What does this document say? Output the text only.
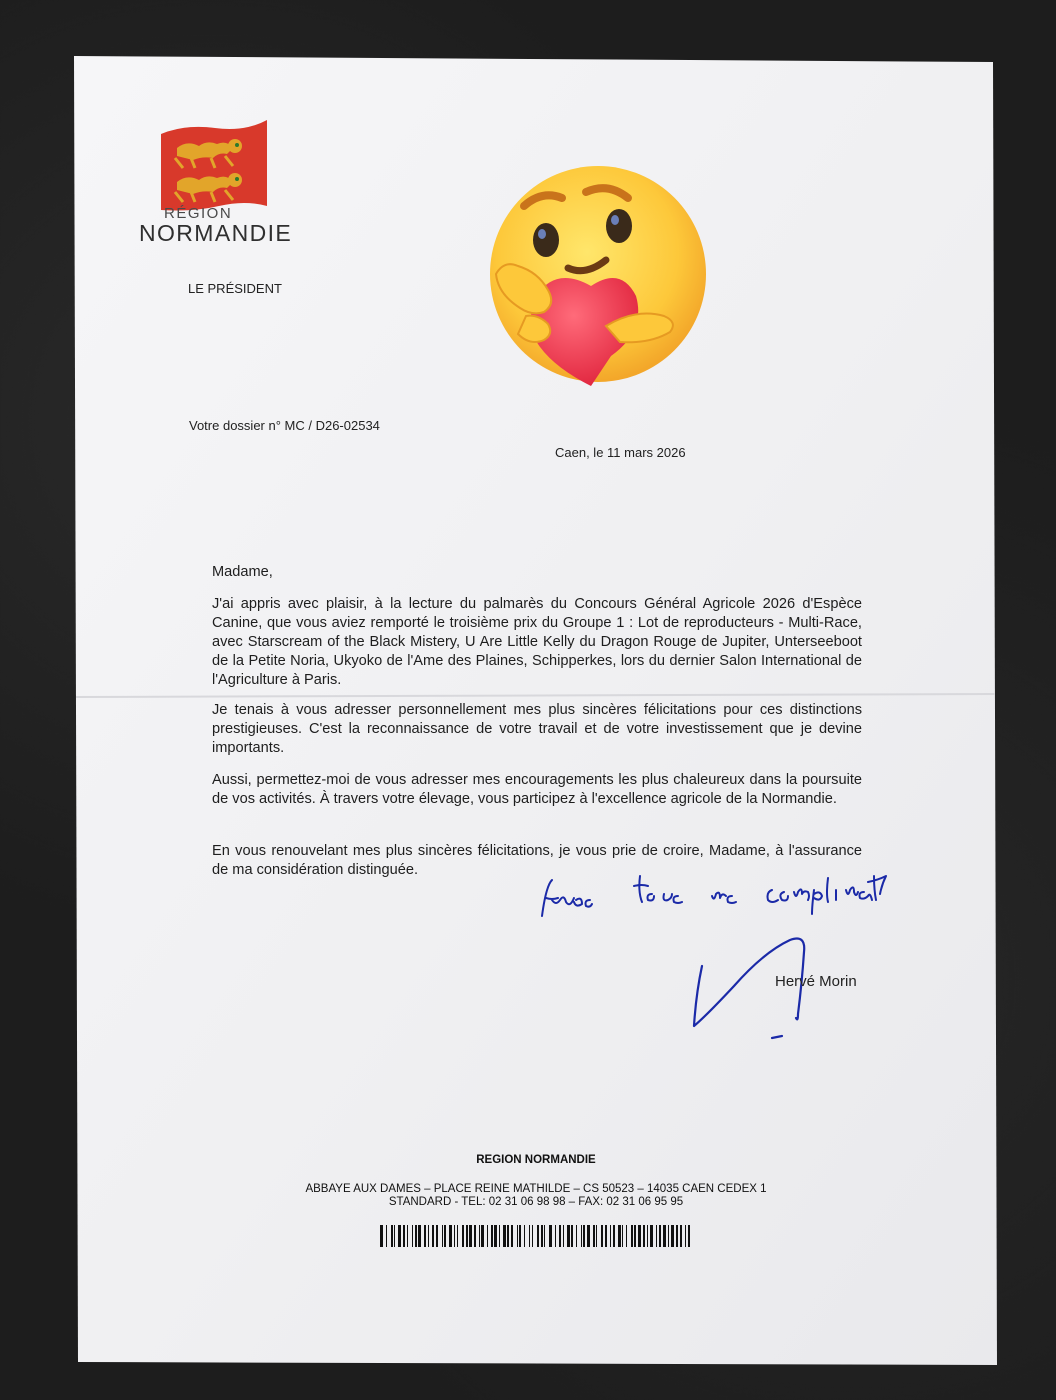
RÉGION
NORMANDIE
LE PRÉSIDENT
Votre dossier n° MC / D26-02534
Caen, le 11 mars 2026
Madame,
J'ai appris avec plaisir, à la lecture du palmarès du Concours Général Agricole 2026 d'Espèce Canine, que vous aviez remporté le troisième prix du Groupe 1 : Lot de reproducteurs - Multi-Race, avec Starscream of the Black Mistery, U Are Little Kelly du Dragon Rouge de Jupiter, Unterseeboot de la Petite Noria, Ukyoko de l'Ame des Plaines, Schipperkes, lors du dernier Salon International de l'Agriculture à Paris.
Je tenais à vous adresser personnellement mes plus sincères félicitations pour ces distinctions prestigieuses. C'est la reconnaissance de votre travail et de votre investissement que je devine importants.
Aussi, permettez-moi de vous adresser mes encouragements les plus chaleureux dans la poursuite de vos activités. À travers votre élevage, vous participez à l'excellence agricole de la Normandie.
En vous renouvelant mes plus sincères félicitations, je vous prie de croire, Madame, à l'assurance de ma considération distinguée.
Hervé Morin
REGION NORMANDIE
ABBAYE AUX DAMES – PLACE REINE MATHILDE – CS 50523 – 14035 CAEN CEDEX 1
STANDARD - TEL: 02 31 06 98 98 – FAX: 02 31 06 95 95
